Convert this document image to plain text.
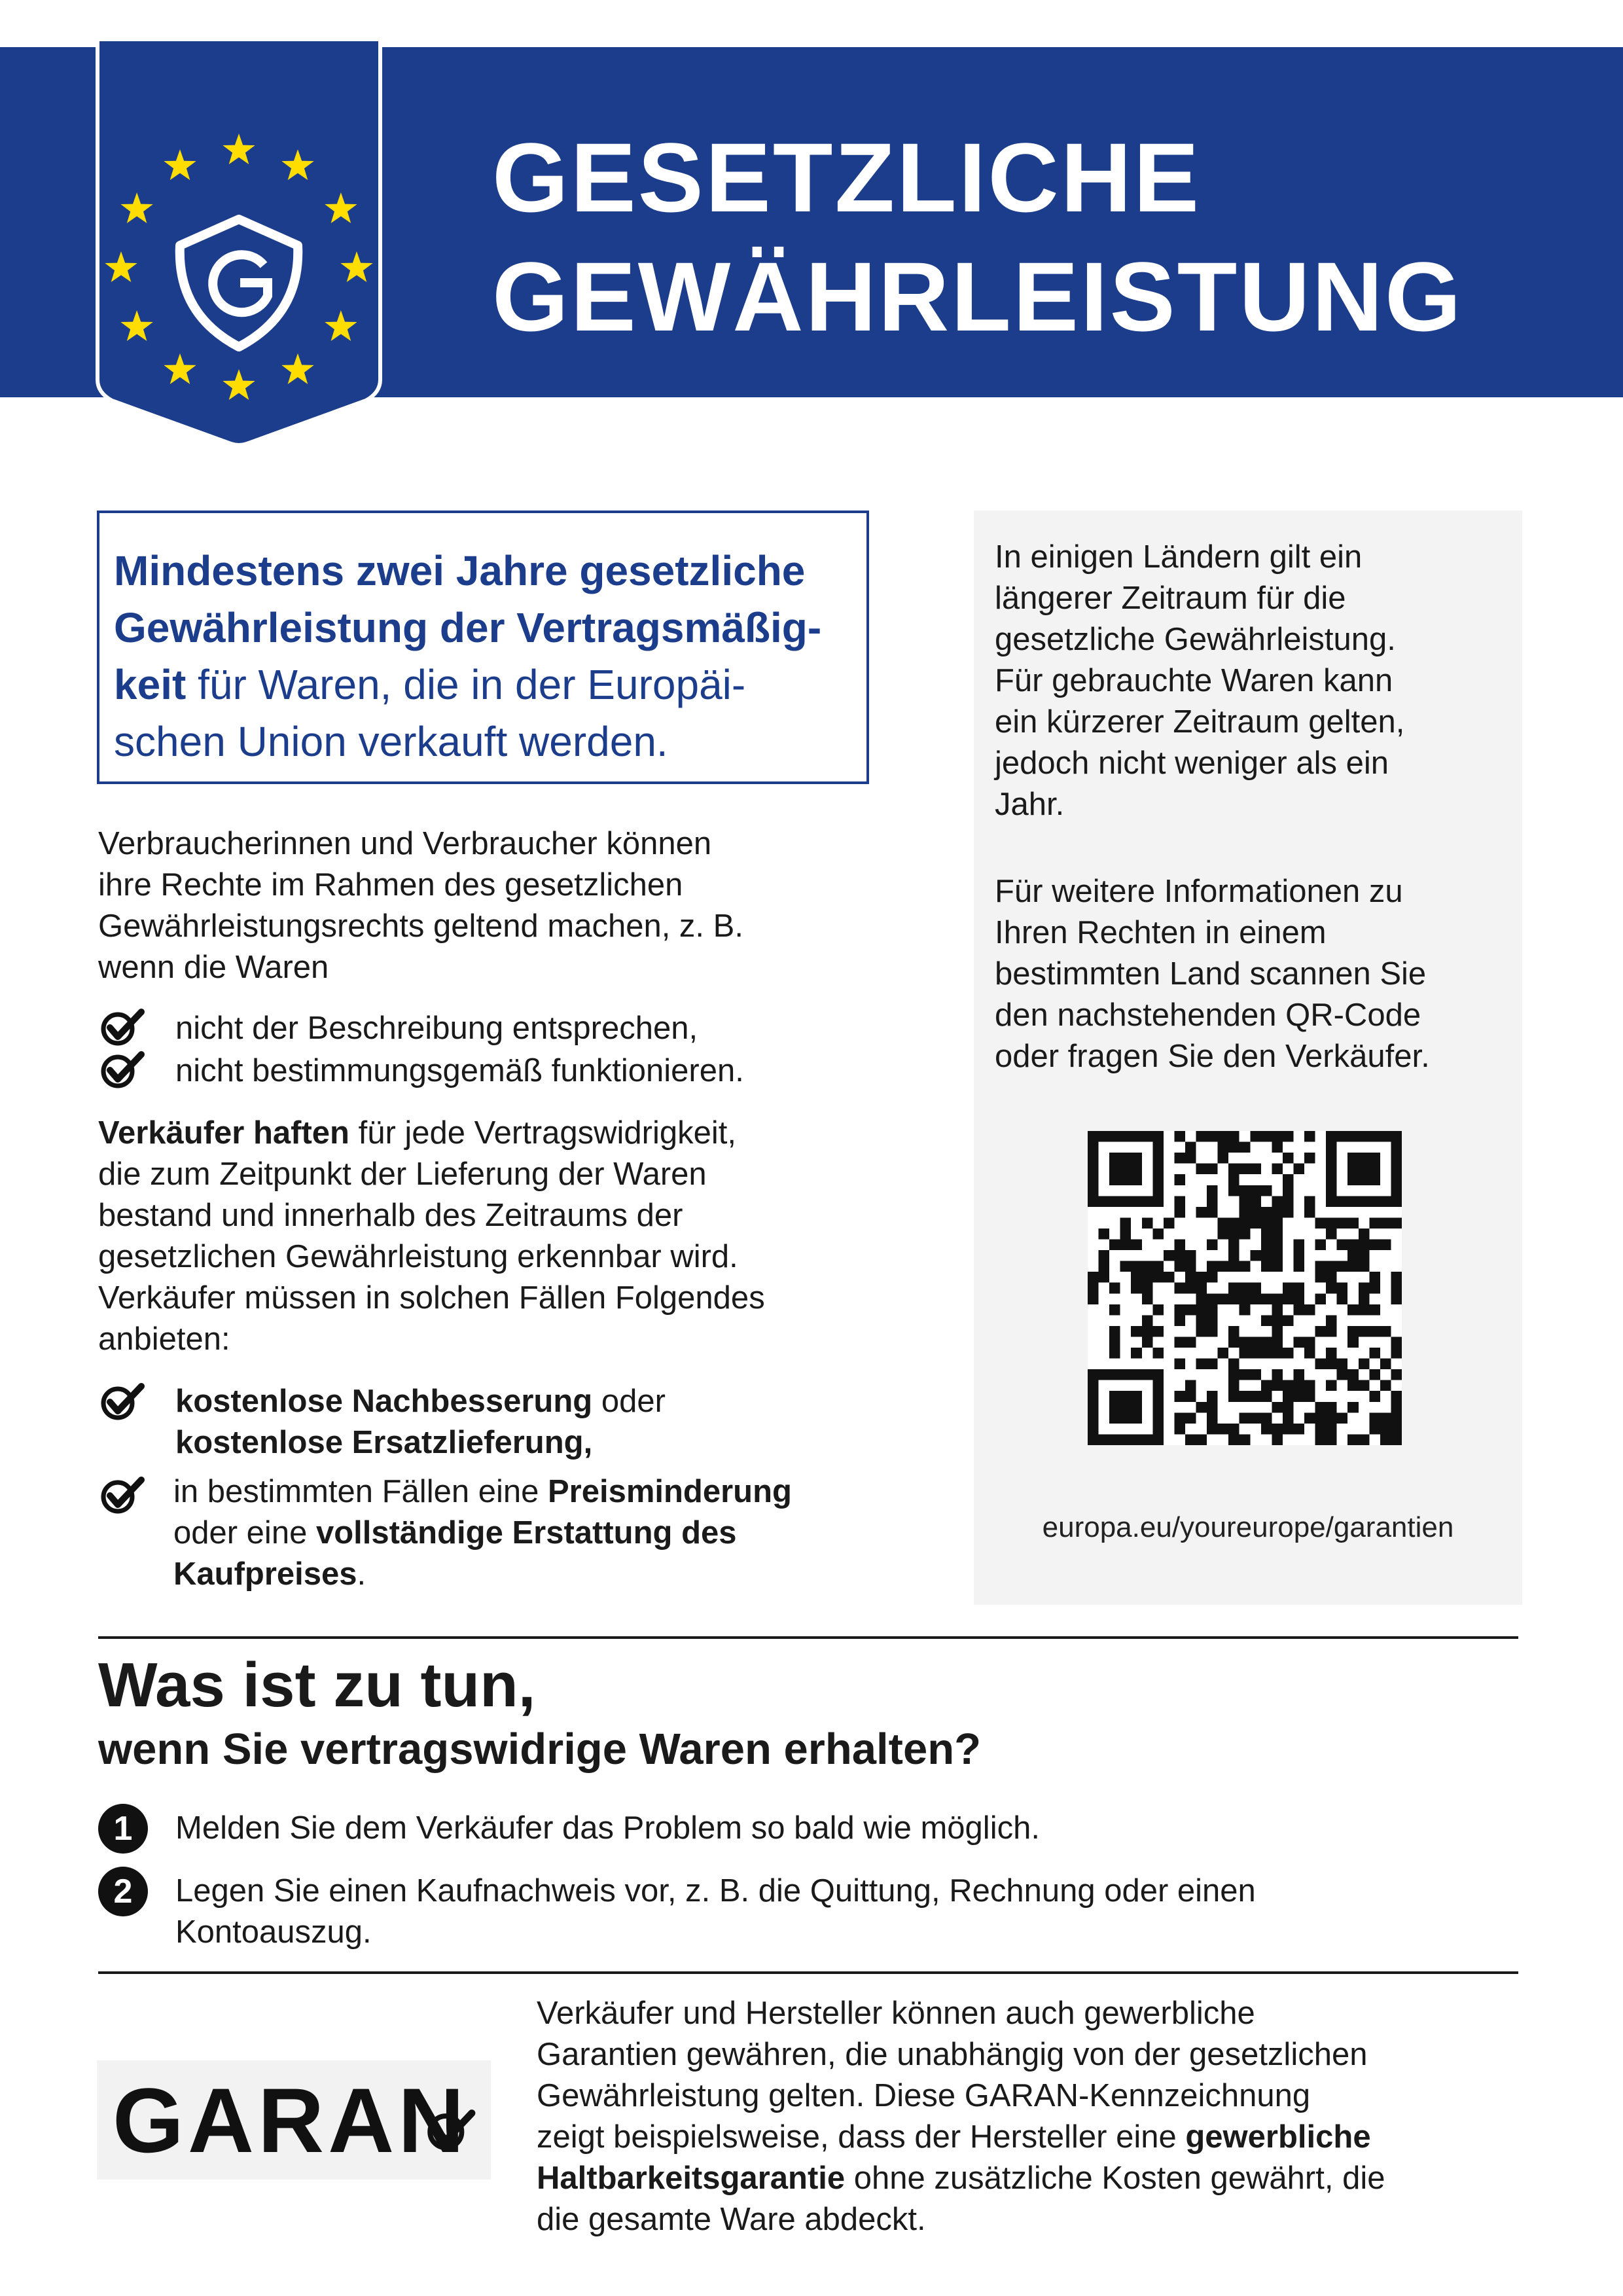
GESETZLICHE
GEWÄHRLEISTUNG
Mindestens zwei Jahre gesetzliche
Gewährleistung der Vertragsmäßig-
keit für Waren, die in der Europäi-
schen Union verkauft werden.
Verbraucherinnen und Verbraucher können
ihre Rechte im Rahmen des gesetzlichen
Gewährleistungsrechts geltend machen, z. B.
wenn die Waren
nicht der Beschreibung entsprechen,
nicht bestimmungsgemäß funktionieren.
Verkäufer haften für jede Vertragswidrigkeit,
die zum Zeitpunkt der Lieferung der Waren
bestand und innerhalb des Zeitraums der
gesetzlichen Gewährleistung erkennbar wird.
Verkäufer müssen in solchen Fällen Folgendes
anbieten:
kostenlose Nachbesserung oder
kostenlose Ersatzlieferung,
in bestimmten Fällen eine Preisminderung
oder eine vollständige Erstattung des
Kaufpreises.
In einigen Ländern gilt ein
längerer Zeitraum für die
gesetzliche Gewährleistung.
Für gebrauchte Waren kann
ein kürzerer Zeitraum gelten,
jedoch nicht weniger als ein
Jahr.
Für weitere Informationen zu
Ihren Rechten in einem
bestimmten Land scannen Sie
den nachstehenden QR-Code
oder fragen Sie den Verkäufer.
europa.eu/youreurope/garantien
Was ist zu tun,
wenn Sie vertragswidrige Waren erhalten?
1	Melden Sie dem Verkäufer das Problem so bald wie möglich.
2	Legen Sie einen Kaufnachweis vor, z. B. die Quittung, Rechnung oder einen
Kontoauszug.
GARAN
Verkäufer und Hersteller können auch gewerbliche
Garantien gewähren, die unabhängig von der gesetzlichen
Gewährleistung gelten. Diese GARAN-Kennzeichnung
zeigt beispielsweise, dass der Hersteller eine gewerbliche
Haltbarkeitsgarantie ohne zusätzliche Kosten gewährt, die
die gesamte Ware abdeckt.
